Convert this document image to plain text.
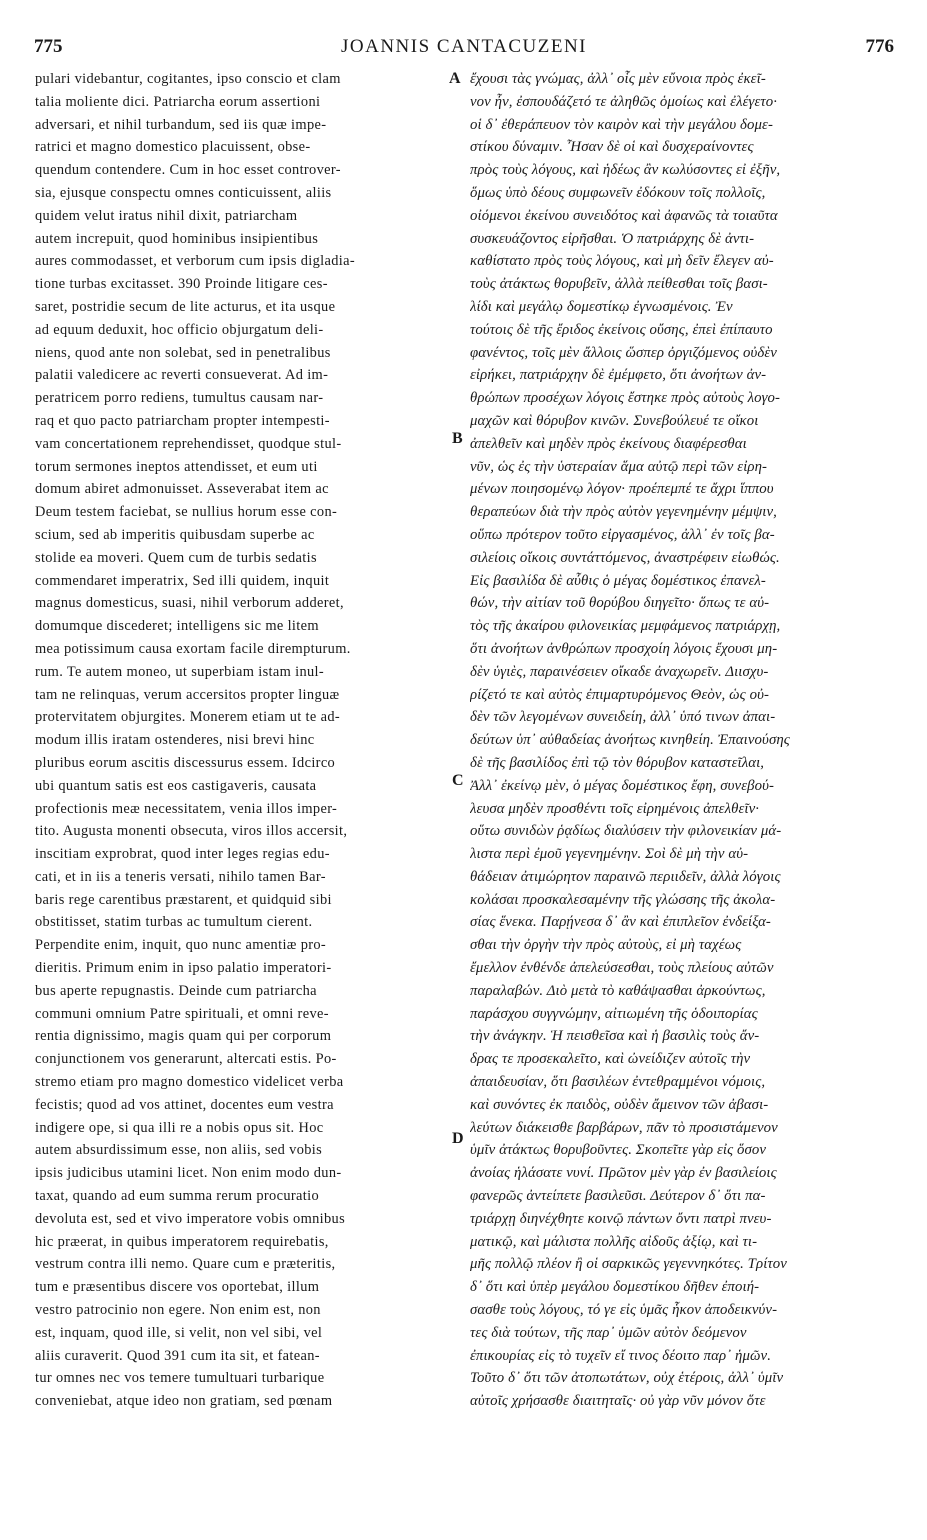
775	JOANNIS CANTACUZENI	776
pulari videbantur, cogitantes, ipso conscio et clam
talia moliente dici. Patriarcha eorum assertioni
adversari, et nihil turbandum, sed iis quæ impe-
ratrici et magno domestico placuissent, obse-
quendum contendere. Cum in hoc esset controver-
sia, ejusque conspectu omnes conticuissent, aliis
quidem velut iratus nihil dixit, patriarcham
autem increpuit, quod hominibus insipientibus
aures commodasset, et verborum cum ipsis digladia-
tione turbas excitasset. 390 Proinde litigare ces-
saret, postridie secum de lite acturus, et ita usque
ad equum deduxit, hoc officio objurgatum deli-
niens, quod ante non solebat, sed in penetralibus
palatii valedicere ac reverti consueverat. Ad im-
peratricem porro rediens, tumultus causam nar-
raq et quo pacto patriarcham propter intempesti-
vam concertationem reprehendisset, quodque stul-
torum sermones ineptos attendisset, et eum uti
domum abiret admonuisset. Asseverabat item ac
Deum testem faciebat, se nullius horum esse con-
scium, sed ab imperitis quibusdam superbe ac
stolide ea moveri. Quem cum de turbis sedatis
commendaret imperatrix, Sed illi quidem, inquit
magnus domesticus, suasi, nihil verborum adderet,
domumque discederet; intelligens sic me litem
mea potissimum causa exortam facile dirempturum.
rum. Te autem moneo, ut superbiam istam inul-
tam ne relinquas, verum accersitos propter linguæ
protervitatem objurgites. Monerem etiam ut te ad-
modum illis iratam ostenderes, nisi brevi hinc
pluribus eorum ascitis discessurus essem. Idcirco
ubi quantum satis est eos castigaveris, causata
profectionis meæ necessitatem, venia illos imper-
tito. Augusta monenti obsecuta, viros illos accersit,
inscitiam exprobrat, quod inter leges regias edu-
cati, et in iis a teneris versati, nihilo tamen Bar-
baris rege carentibus præstarent, et quidquid sibi
obstitisset, statim turbas ac tumultum cierent.
Perpendite enim, inquit, quo nunc amentiæ pro-
dieritis. Primum enim in ipso palatio imperatori-
bus aperte repugnastis. Deinde cum patriarcha
communi omnium Patre spirituali, et omni reve-
rentia dignissimo, magis quam qui per corporum
conjunctionem vos generarunt, altercati estis. Po-
stremo etiam pro magno domestico videlicet verba
fecistis; quod ad vos attinet, docentes eum vestra
indigere ope, si qua illi re a nobis opus sit. Hoc
autem absurdissimum esse, non aliis, sed vobis
ipsis judicibus utamini licet. Non enim modo dun-
taxat, quando ad eum summa rerum procuratio
devoluta est, sed et vivo imperatore vobis omnibus
hic præerat, in quibus imperatorem requirebatis,
vestrum contra illi nemo. Quare cum e præteritis,
tum e præsentibus discere vos oportebat, illum
vestro patrocinio non egere. Non enim est, non
est, inquam, quod ille, si velit, non vel sibi, vel
aliis curaverit. Quod 391 cum ita sit, et fatean-
tur omnes nec vos temere tumultuari turbarique
conveniebat, atque ideo non gratiam, sed pœnam
ἔχουσι τὰς γνώμας, ἀλλ᾽ οἷς μὲν εὔνοια πρὸς ἐκεῖ-
νον ἦν, ἐσπουδάζετό τε ἀληθῶς ὁμοίως καὶ ἐλέγετο·
οἱ δ᾽ ἐθεράπευον τὸν καιρὸν καὶ τὴν μεγάλου δομε-
στίκου δύναμιν. Ἦσαν δὲ οἱ καὶ δυσχεραίνοντες
πρὸς τοὺς λόγους, καὶ ἡδέως ἂν κωλύσοντες εἰ ἐξῆν,
ὅμως ὑπὸ δέους συμφωνεῖν ἐδόκουν τοῖς πολλοῖς,
οἰόμενοι ἐκείνου συνειδότος καὶ ἀφανῶς τὰ τοιαῦτα
συσκευάζοντος εἰρῆσθαι. Ὁ πατριάρχης δὲ ἀντι-
καθίστατο πρὸς τοὺς λόγους, καὶ μὴ δεῖν ἔλεγεν αὐ-
τοὺς ἀτάκτως θορυβεῖν, ἀλλὰ πείθεσθαι τοῖς βασι-
λίδι καὶ μεγάλῳ δομεστίκῳ ἐγνωσμένοις. Ἐν
τούτοις δὲ τῆς ἔριδος ἐκείνοις οὔσης, ἐπεὶ ἐπίπαυτο
φανέντος, τοῖς μὲν ἄλλοις ὥσπερ ὀργιζόμενος οὐδὲν
εἰρήκει, πατριάρχην δὲ ἐμέμφετο, ὅτι ἀνοήτων ἀν-
θρώπων προσέχων λόγοις ἔστηκε πρὸς αὐτοὺς λογο-
μαχῶν καὶ θόρυβον κινῶν. Συνεβούλευέ τε οἴκοι
ἀπελθεῖν καὶ μηδὲν πρὸς ἐκείνους διαφέρεσθαι
νῦν, ὡς ἐς τὴν ὑστεραίαν ἅμα αὐτῷ περὶ τῶν εἰρη-
μένων ποιησομένῳ λόγον· προέπεμπέ τε ἄχρι ἵππου
θεραπεύων διὰ τὴν πρὸς αὐτὸν γεγενημένην μέμψιν,
οὕπω πρότερον τοῦτο εἰργασμένος, ἀλλ᾽ ἐν τοῖς βα-
σιλείοις οἴκοις συντάττόμενος, ἀναστρέφειν εἰωθώς.
Εἰς βασιλίδα δὲ αὖθις ὁ μέγας δομέστικος ἐπανελ-
θών, τὴν αἰτίαν τοῦ θορύβου διηγεῖτο· ὅπως τε αὐ-
τὸς τῆς ἀκαίρου φιλονεικίας μεμφάμενος πατριάρχῃ,
ὅτι ἀνοήτων ἀνθρώπων προσχοίη λόγοις ἔχουσι μη-
δὲν ὑγιὲς, παραινέσειεν οἴκαδε ἀναχωρεῖν. Διισχυ-
ρίζετό τε καὶ αὐτὸς ἐπιμαρτυρόμενος Θεὸν, ὡς οὐ-
δὲν τῶν λεγομένων συνειδείη, ἀλλ᾽ ὑπό τινων ἀπαι-
δεύτων ὑπ᾽ αὐθαδείας ἀνοήτως κινηθείη. Ἐπαινούσης
δὲ τῆς βασιλίδος ἐπὶ τῷ τὸν θόρυβον καταστεῖλαι,
Ἀλλ᾽ ἐκείνῳ μὲν, ὁ μέγας δομέστικος ἔφη, συνεβού-
λευσα μηδὲν προσθέντι τοῖς εἰρημένοις ἀπελθεῖν·
οὕτω συνιδὼν ῥᾳδίως διαλύσειν τὴν φιλονεικίαν μά-
λιστα περὶ ἐμοῦ γεγενημένην. Σοὶ δὲ μὴ τὴν αὐ-
θάδειαν ἀτιμώρητον παραινῶ περιιδεῖν, ἀλλὰ λόγοις
κολάσαι προσκαλεσαμένην τῆς γλώσσης τῆς ἀκολα-
σίας ἕνεκα. Παρῄνεσα δ᾽ ἂν καὶ ἐπιπλεῖον ἐνδείξα-
σθαι τὴν ὀργὴν τὴν πρὸς αὐτοὺς, εἰ μὴ ταχέως
ἔμελλον ἐνθένδε ἀπελεύσεσθαι, τοὺς πλείους αὐτῶν
παραλαβών. Διὸ μετὰ τὸ καθάψασθαι ἀρκούντως,
παράσχου συγγνώμην, αἰτιωμένη τῆς ὁδοιπορίας
τὴν ἀνάγκην. Ἡ πεισθεῖσα καὶ ἡ βασιλὶς τοὺς ἄν-
δρας τε προσεκαλεῖτο, καὶ ὠνείδιζεν αὐτοῖς τὴν
ἀπαιδευσίαν, ὅτι βασιλέων ἐντεθραμμένοι νόμοις,
καὶ συνόντες ἐκ παιδὸς, οὐδὲν ἄμεινον τῶν ἀβασι-
λεύτων διάκεισθε βαρβάρων, πᾶν τὸ προσιστάμενον
ὑμῖν ἀτάκτως θορυβοῦντες. Σκοπεῖτε γὰρ εἰς ὅσον
ἀνοίας ἡλάσατε νυνί. Πρῶτον μὲν γὰρ ἐν βασιλείοις
φανερῶς ἀντείπετε βασιλεῦσι. Δεύτερον δ᾽ ὅτι πα-
τριάρχῃ διηνέχθητε κοινῷ πάντων ὄντι πατρὶ πνευ-
ματικῷ, καὶ μάλιστα πολλῆς αἰδοῦς ἀξίῳ, καὶ τι-
μῆς πολλῷ πλέον ἢ οἱ σαρκικῶς γεγεννηκότες. Τρίτον
δ᾽ ὅτι καὶ ὑπὲρ μεγάλου δομεστίκου δῆθεν ἐποιή-
σασθε τοὺς λόγους, τό γε εἰς ὑμᾶς ἧκον ἀποδεικνύν-
τες διὰ τούτων, τῆς παρ᾽ ὑμῶν αὐτὸν δεόμενον
ἐπικουρίας εἰς τὸ τυχεῖν εἴ τινος δέοιτο παρ᾽ ἡμῶν.
Τοῦτο δ᾽ ὅτι τῶν ἀτοπωτάτων, οὐχ ἑτέροις, ἀλλ᾽ ὑμῖν
αὐτοῖς χρήσασθε διαιτηταῖς· οὐ γὰρ νῦν μόνον ὅτε
A
B
C
D
